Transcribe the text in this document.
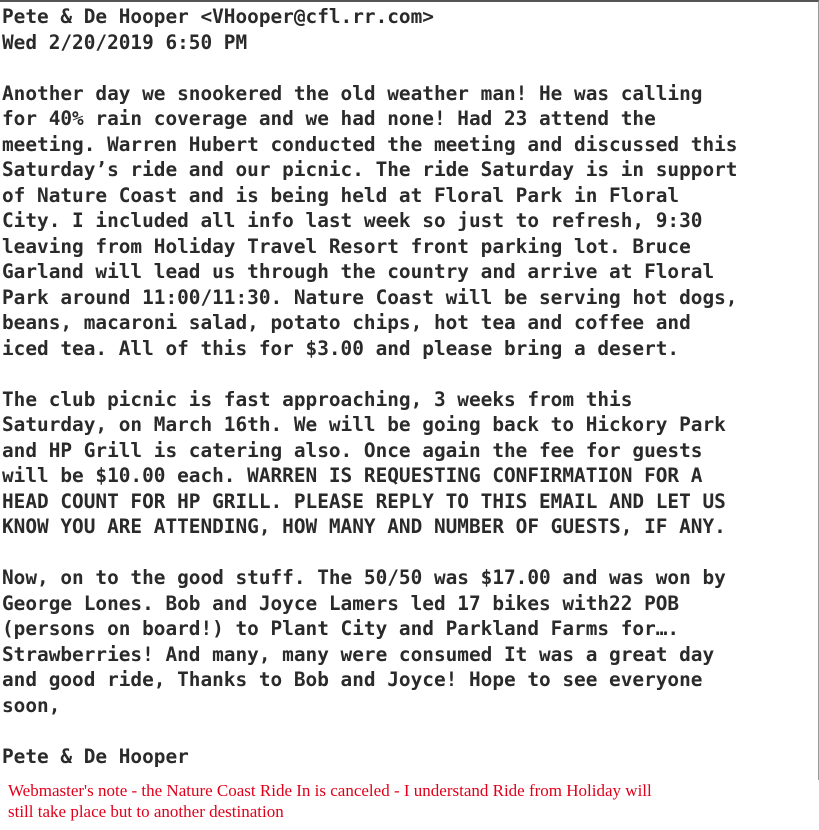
Pete & De Hooper <VHooper@cfl.rr.com>
Wed 2/20/2019 6:50 PM
Another day we snookered the old weather man! He was calling
for 40% rain coverage and we had none! Had 23 attend the
meeting. Warren Hubert conducted the meeting and discussed this
Saturday’s ride and our picnic. The ride Saturday is in support
of Nature Coast and is being held at Floral Park in Floral
City. I included all info last week so just to refresh, 9:30
leaving from Holiday Travel Resort front parking lot. Bruce
Garland will lead us through the country and arrive at Floral
Park around 11:00/11:30. Nature Coast will be serving hot dogs,
beans, macaroni salad, potato chips, hot tea and coffee and
iced tea. All of this for $3.00 and please bring a desert.
The club picnic is fast approaching, 3 weeks from this
Saturday, on March 16th. We will be going back to Hickory Park
and HP Grill is catering also. Once again the fee for guests
will be $10.00 each. WARREN IS REQUESTING CONFIRMATION FOR A
HEAD COUNT FOR HP GRILL. PLEASE REPLY TO THIS EMAIL AND LET US
KNOW YOU ARE ATTENDING, HOW MANY AND NUMBER OF GUESTS, IF ANY.
Now, on to the good stuff. The 50/50 was $17.00 and was won by
George Lones. Bob and Joyce Lamers led 17 bikes with22 POB
(persons on board!) to Plant City and Parkland Farms for….
Strawberries! And many, many were consumed It was a great day
and good ride, Thanks to Bob and Joyce! Hope to see everyone
soon,
Pete & De Hooper
Webmaster's note - the Nature Coast Ride In is canceled - I understand Ride from Holiday will
still take place but to another destination
